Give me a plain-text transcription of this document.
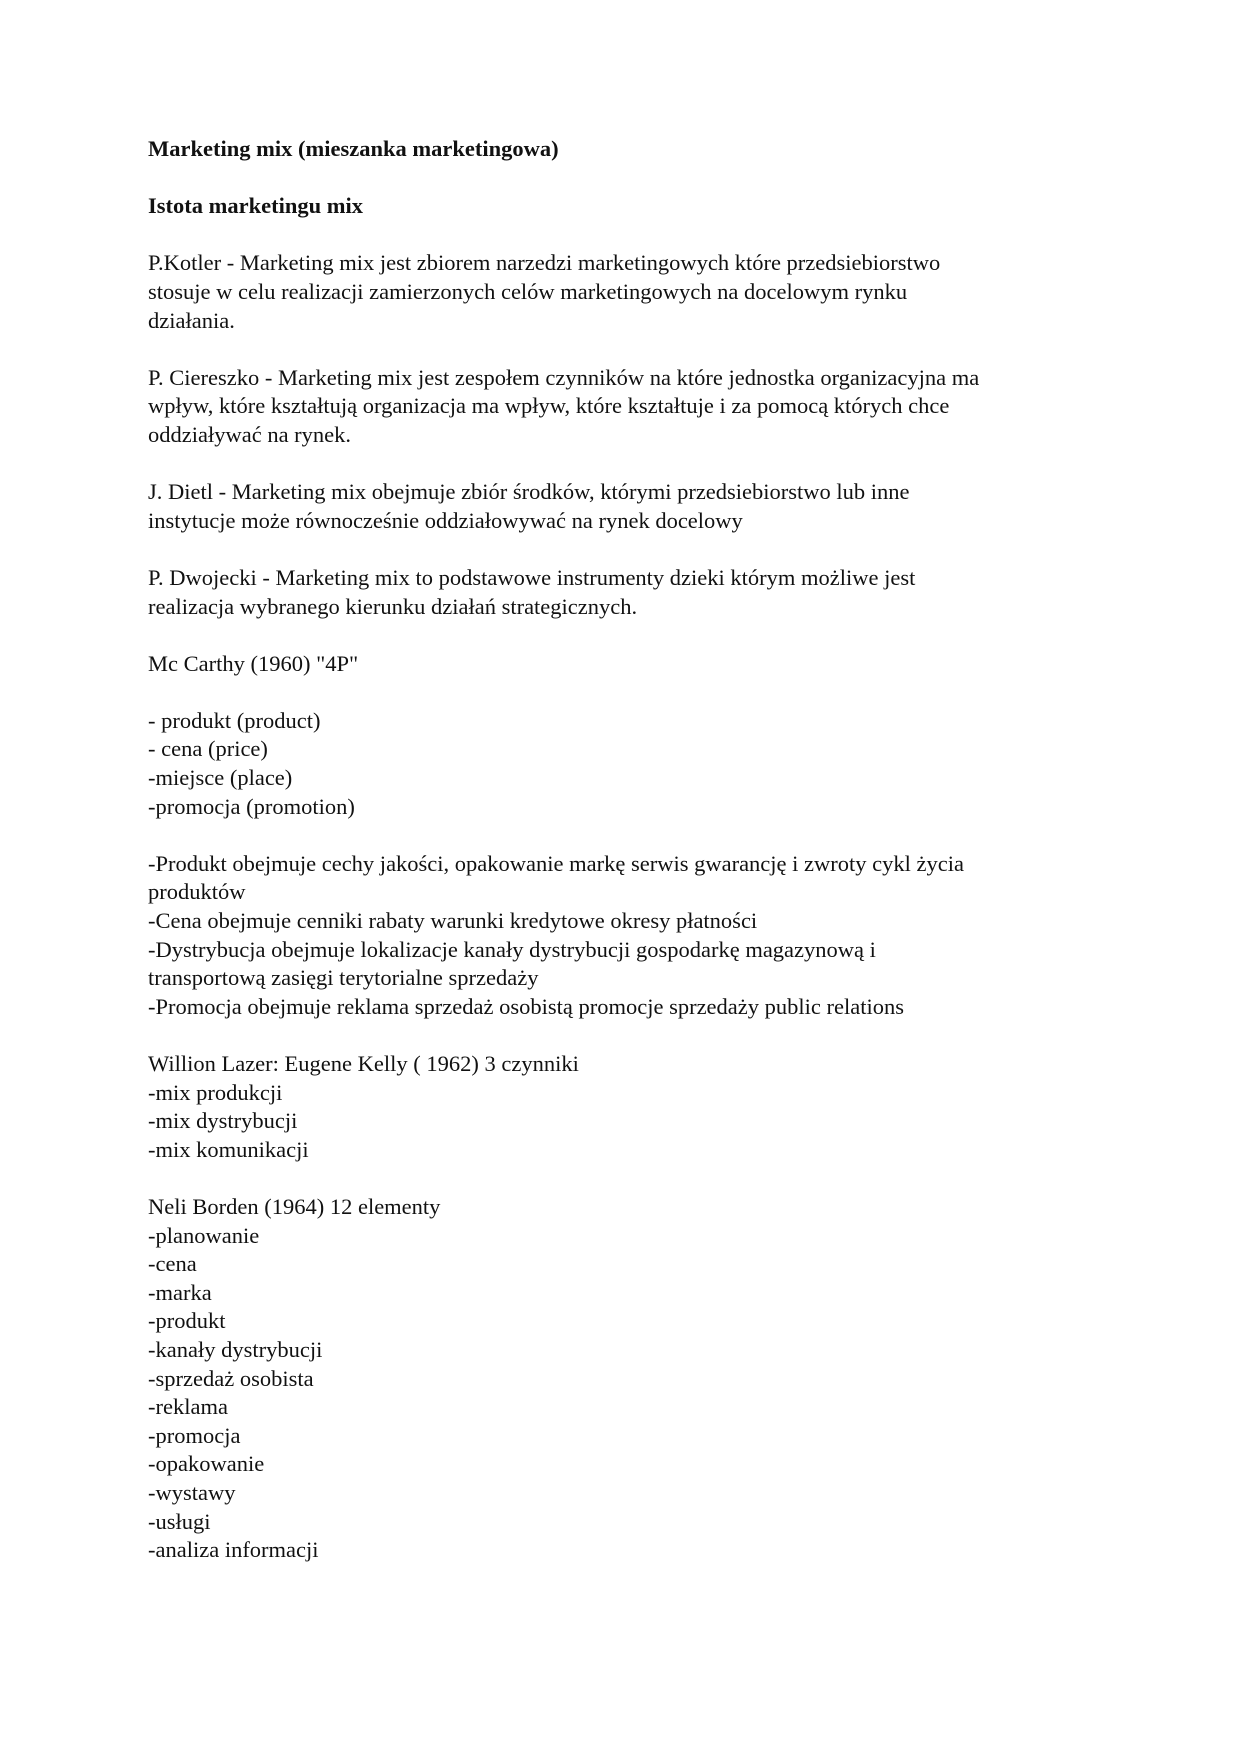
Marketing mix (mieszanka marketingowa)

Istota marketingu mix

P.Kotler - Marketing mix jest zbiorem narzedzi marketingowych które przedsiebiorstwo

stosuje w celu realizacji zamierzonych celów marketingowych na docelowym rynku

działania.

P. Ciereszko - Marketing mix jest zespołem czynników na które jednostka organizacyjna ma

wpływ, które kształtują organizacja ma wpływ, które kształtuje i za pomocą których chce

oddziaływać na rynek.

J. Dietl - Marketing mix obejmuje zbiór środków, którymi przedsiebiorstwo lub inne

instytucje może równocześnie oddziałowywać na rynek docelowy

P. Dwojecki - Marketing mix to podstawowe instrumenty dzieki którym możliwe jest

realizacja wybranego kierunku działań strategicznych.

Mc Carthy (1960) "4P"

- produkt (product)

- cena (price)

-miejsce (place)

-promocja (promotion)

-Produkt obejmuje cechy jakości, opakowanie markę serwis gwarancję i zwroty cykl życia

produktów

-Cena obejmuje cenniki rabaty warunki kredytowe okresy płatności

-Dystrybucja obejmuje lokalizacje kanały dystrybucji gospodarkę magazynową i

transportową zasięgi terytorialne sprzedaży

-Promocja obejmuje reklama sprzedaż osobistą promocje sprzedaży public relations

Willion Lazer: Eugene Kelly ( 1962) 3 czynniki

-mix produkcji

-mix dystrybucji

-mix komunikacji

Neli Borden (1964) 12 elementy

-planowanie

-cena

-marka

-produkt

-kanały dystrybucji

-sprzedaż osobista

-reklama

-promocja

-opakowanie

-wystawy

-usługi

-analiza informacji
